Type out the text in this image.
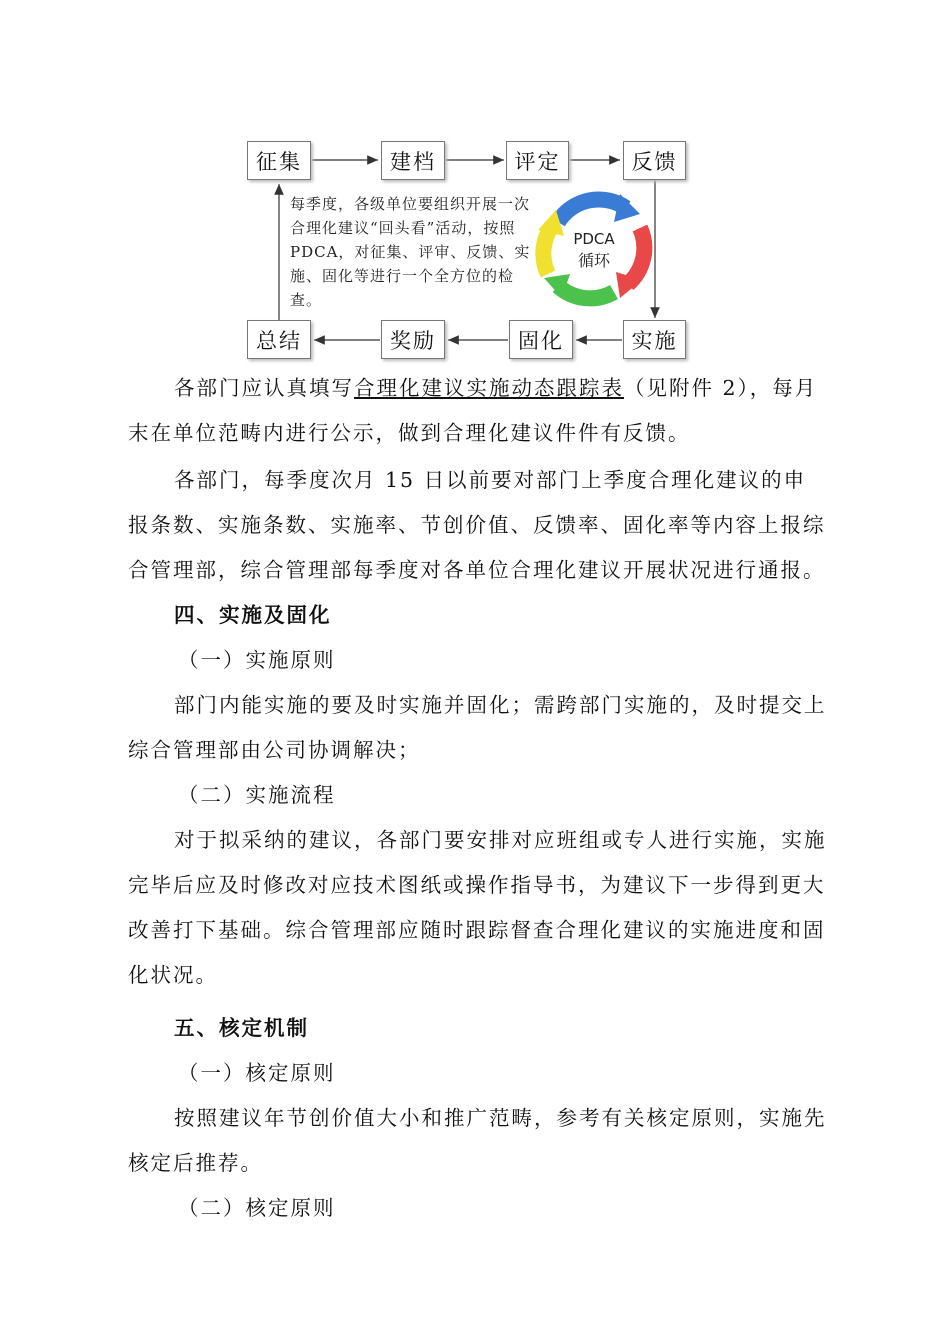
PDCA
循环
征集	建档	评定	反馈
实施
固化
奖励
总结
每季度，各级单位要组织开展一次合理化建议“回头看”活动，按照PDCA，对征集、评审、反馈、实施、固化等进行一个全方位的检查。

各部门应认真填写合理化建议实施动态跟踪表（见附件 2），每月末在单位范畴内进行公示，做到合理化建议件件有反馈。

各部门，每季度次月 15 日以前要对部门上季度合理化建议的申报条数、实施条数、实施率、节创价值、反馈率、固化率等内容上报综合管理部，综合管理部每季度对各单位合理化建议开展状况进行通报。

四、实施及固化

（一）实施原则

部门内能实施的要及时实施并固化；需跨部门实施的，及时提交上综合管理部由公司协调解决；

（二）实施流程

对于拟采纳的建议，各部门要安排对应班组或专人进行实施，实施完毕后应及时修改对应技术图纸或操作指导书，为建议下一步得到更大改善打下基础。综合管理部应随时跟踪督查合理化建议的实施进度和固化状况。

五、核定机制

（一）核定原则

按照建议年节创价值大小和推广范畴，参考有关核定原则，实施先核定后推荐。

（二）核定原则
